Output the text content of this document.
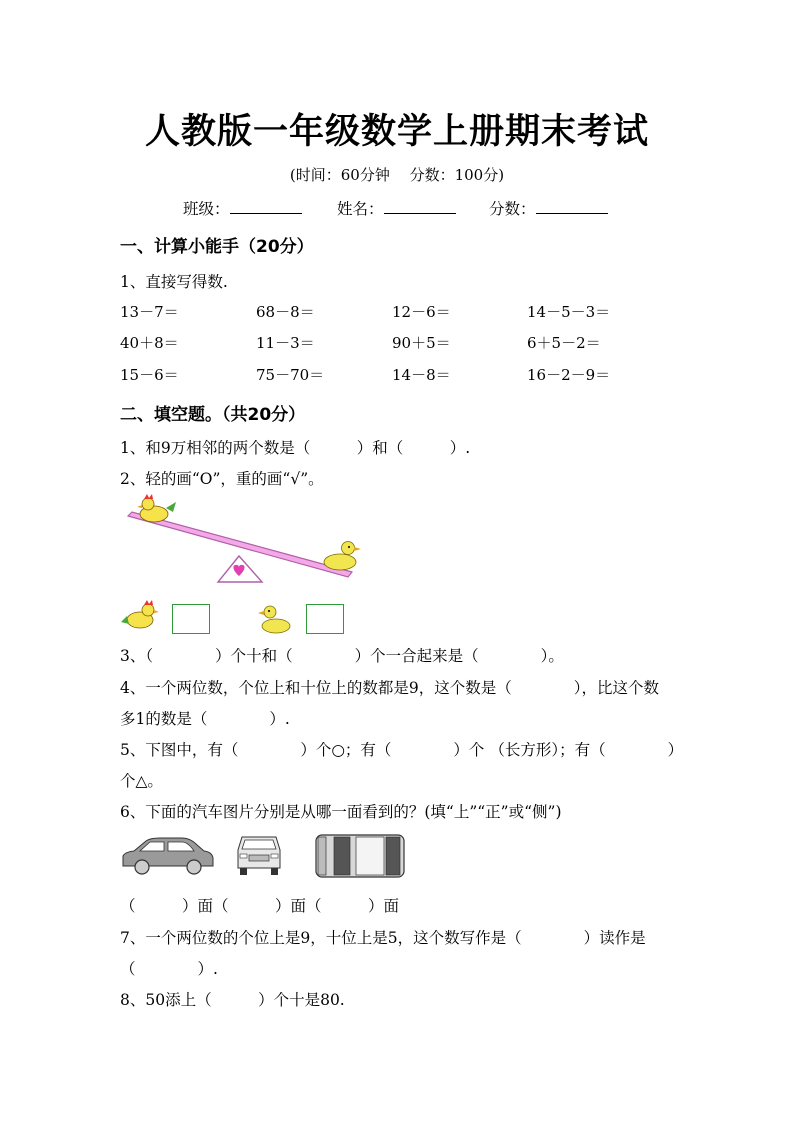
人教版一年级数学上册期末考试
(时间：60分钟　 分数：100分)
班级：	姓名：	分数：
一、计算小能手（20分）
1、直接写得数.
13－7＝	68－8＝	12－6＝	14－5－3＝
40＋8＝	11－3＝	90＋5＝	6＋5－2＝
15－6＝	75－70＝	14－8＝	16－2－9＝
二、填空题。（共20分）
1、和9万相邻的两个数是（　　　）和（　　　）.
2、轻的画“O”，重的画“√”。
3、（　　　　）个十和（　　　　）个一合起来是（　　　　）。
4、一个两位数，个位上和十位上的数都是9，这个数是（　　　　），比这个数
多1的数是（　　　　）.
5、下图中，有（　　　　）个○；有（　　　　）个 （长方形）；有（　　　　）
个△。
6、下面的汽车图片分别是从哪一面看到的？(填“上”“正”或“侧”)
（　　　）面（　　　）面（　　　）面
7、一个两位数的个位上是9，十位上是5，这个数写作是（　　　　）读作是
（　　　　）.
8、50添上（　　　）个十是80.
